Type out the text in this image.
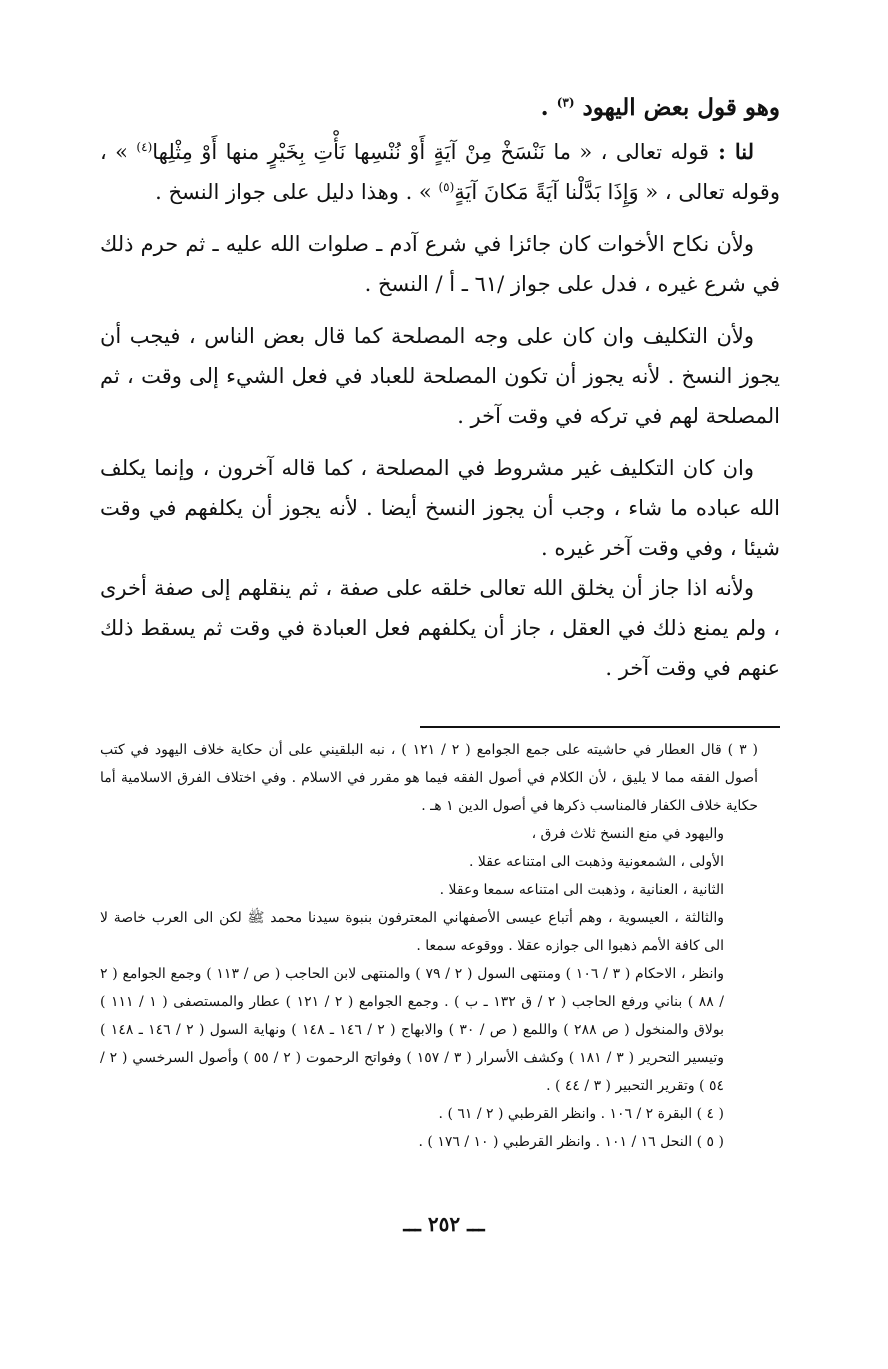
وهو قول بعض اليهود $^{(٣)}$ .

لنا : قوله تعالى ، « ما نَنْسَخْ مِنْ آيَةٍ أَوْ نُنْسِها نَأْتِ بِخَيْرٍ منها أَوْ مِثْلِها$^{(٤)}$ » ، وقوله تعالى ، « وَإِذَا بَدَّلْنا آيَةً مَكانَ آيَةٍ$^{(٥)}$ » . وهذا دليل على جواز النسخ .

ولأن نكاح الأخوات كان جائزا في شرع آدم ـ صلوات الله عليه ـ ثم حرم ذلك في شرع غيره ، فدل على جواز /٦١ ـ أ / النسخ .

ولأن التكليف وان كان على وجه المصلحة كما قال بعض الناس ، فيجب أن يجوز النسخ . لأنه يجوز أن تكون المصلحة للعباد في فعل الشيء إلى وقت ، ثم المصلحة لهم في تركه في وقت آخر .

وان كان التكليف غير مشروط في المصلحة ، كما قاله آخرون ، وإنما يكلف الله عباده ما شاء ، وجب أن يجوز النسخ أيضا . لأنه يجوز أن يكلفهم في وقت شيئا ، وفي وقت آخر غيره .

ولأنه اذا جاز أن يخلق الله تعالى خلقه على صفة ، ثم ينقلهم إلى صفة أخرى ، ولم يمنع ذلك في العقل ، جاز أن يكلفهم فعل العبادة في وقت ثم يسقط ذلك عنهم في وقت آخر .

( ٣ ) قال العطار في حاشيته على جمع الجوامع ( ٢ / ١٢١ ) ، نبه البلقيني على أن حكاية خلاف اليهود في كتب أصول الفقه مما لا يليق ، لأن الكلام في أصول الفقه فيما هو مقرر في الاسلام . وفي اختلاف الفرق الاسلامية أما حكاية خلاف الكفار فالمناسب ذكرها في أصول الدين ١ هـ .

واليهود في منع النسخ ثلاث فرق ،

الأولى ، الشمعونية وذهبت الى امتناعه عقلا .

الثانية ، العنانية ، وذهبت الى امتناعه سمعا وعقلا .

والثالثة ، العيسوية ، وهم أتباع عيسى الأصفهاني المعترفون بنبوة سيدنا محمد ﷺ لكن الى العرب خاصة لا الى كافة الأمم ذهبوا الى جوازه عقلا . ووقوعه سمعا .

وانظر ، الاحكام ( ٣ / ١٠٦ ) ومنتهى السول ( ٢ / ٧٩ ) والمنتهى لابن الحاجب ( ص / ١١٣ ) وجمع الجوامع ( ٢ / ٨٨ ) بناني ورفع الحاجب ( ٢ / ق ١٣٢ ـ ب ) . وجمع الجوامع ( ٢ / ١٢١ ) عطار والمستصفى ( ١ / ١١١ ) بولاق والمنخول ( ص ٢٨٨ ) واللمع ( ص / ٣٠ ) والابهاج ( ٢ / ١٤٦ ـ ١٤٨ ) ونهاية السول ( ٢ / ١٤٦ ـ ١٤٨ ) وتيسير التحرير ( ٣ / ١٨١ ) وكشف الأسرار ( ٣ / ١٥٧ ) وفواتح الرحموت ( ٢ / ٥٥ ) وأصول السرخسي ( ٢ / ٥٤ ) وتقرير التحبير ( ٣ / ٤٤ ) .

( ٤ ) البقرة ٢ / ١٠٦ . وانظر القرطبي ( ٢ / ٦١ ) .

( ٥ ) النحل ١٦ / ١٠١ . وانظر القرطبي ( ١٠ / ١٧٦ ) .

ـــ ٢٥٢ ـــ
